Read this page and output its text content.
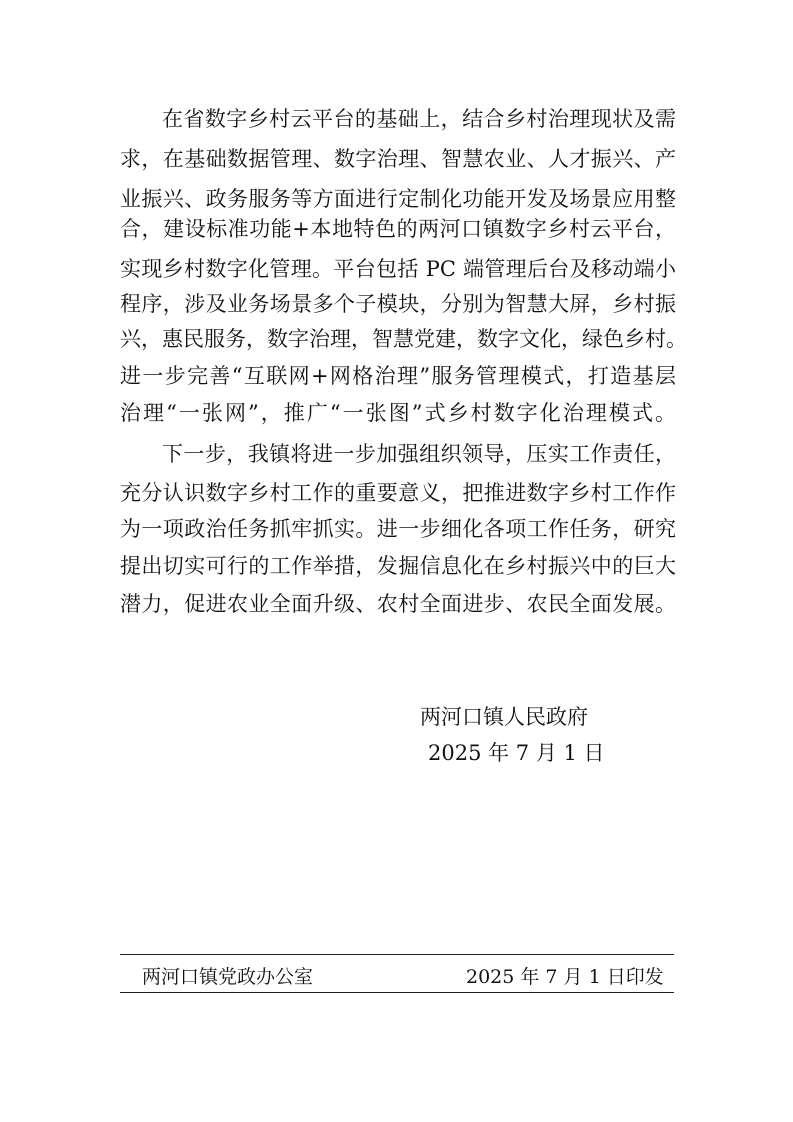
在省数字乡村云平台的基础上，结合乡村治理现状及需
求，在基础数据管理、数字治理、智慧农业、人才振兴、产
业振兴、政务服务等方面进行定制化功能开发及场景应用整
合，建设标准功能+本地特色的两河口镇数字乡村云平台，
实现乡村数字化管理。平台包括 PC 端管理后台及移动端小
程序，涉及业务场景多个子模块，分别为智慧大屏，乡村振
兴，惠民服务，数字治理，智慧党建，数字文化，绿色乡村。
进一步完善“互联网+网格治理”服务管理模式，打造基层
治理“一张网”，推广“一张图”式乡村数字化治理模式。
下一步，我镇将进一步加强组织领导，压实工作责任，
充分认识数字乡村工作的重要意义，把推进数字乡村工作作
为一项政治任务抓牢抓实。进一步细化各项工作任务，研究
提出切实可行的工作举措，发掘信息化在乡村振兴中的巨大
潜力，促进农业全面升级、农村全面进步、农民全面发展。
两河口镇人民政府
2025 年 7 月 1 日
两河口镇党政办公室	2025 年 7 月 1 日印发
